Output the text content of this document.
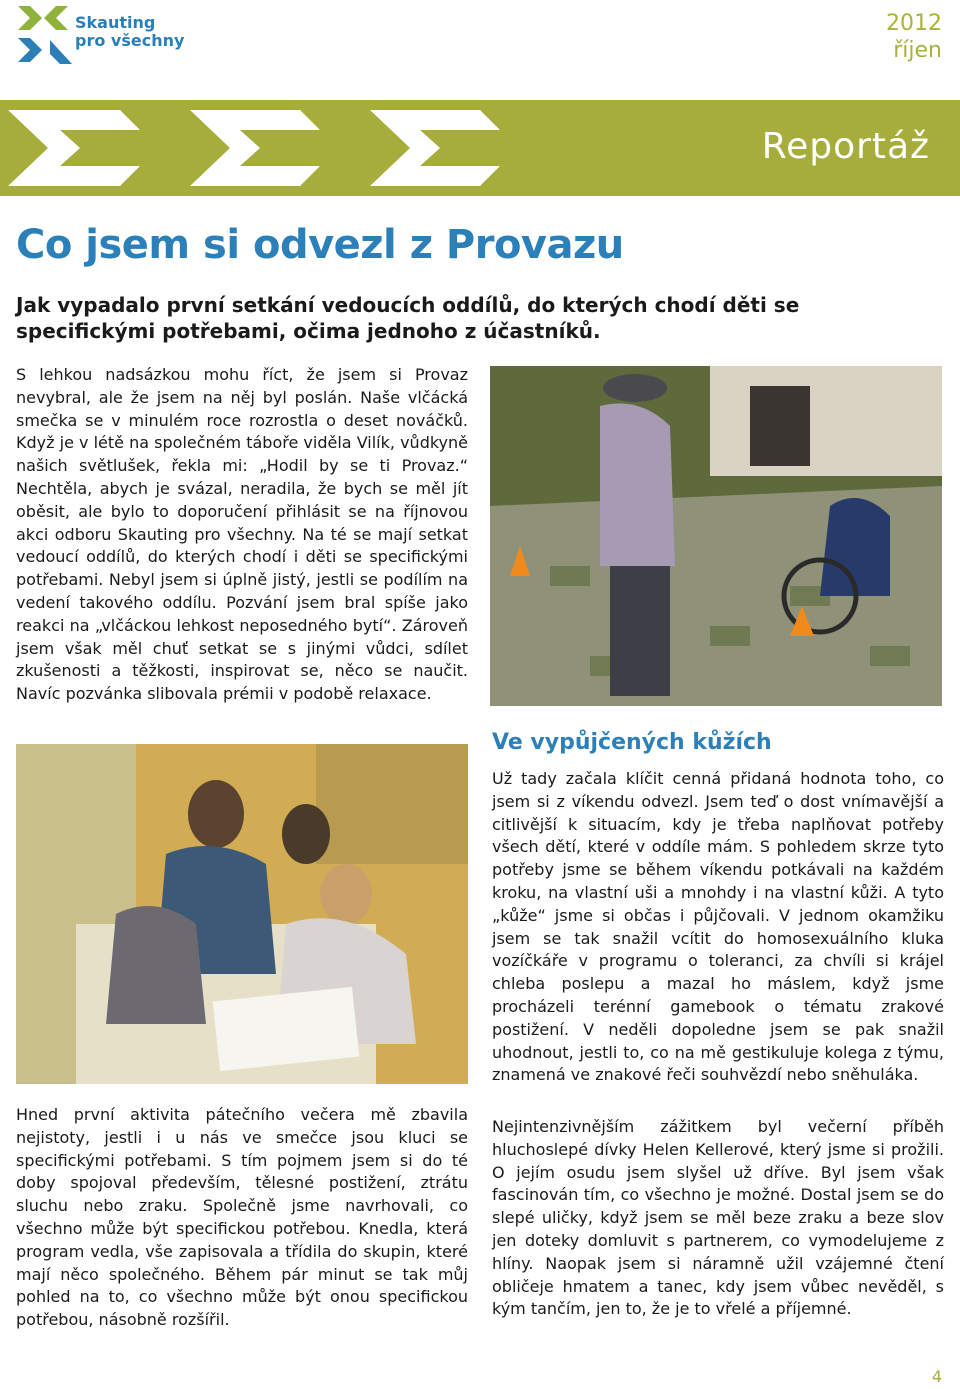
Skauting
pro všechny
2012
říjen
Reportáž
Co jsem si odvezl z Provazu
Jak vypadalo první setkání vedoucích oddílů, do kterých chodí děti se specifickými potřebami, očima jednoho z účastníků.
S lehkou nadsázkou mohu říct, že jsem si Provaz nevybral, ale že jsem na něj byl poslán. Naše vlčácká smečka se v minulém roce rozrostla o deset nováčků. Když je v létě na společném táboře viděla Vilík, vůdkyně našich světlušek, řekla mi: „Hodil by se ti Provaz.“ Nechtěla, abych je svázal, neradila, že bych se měl jít oběsit, ale bylo to doporučení přihlásit se na říjnovou akci odboru Skauting pro všechny. Na té se mají setkat vedoucí oddílů, do kterých chodí i děti se specifickými potřebami. Nebyl jsem si úplně jistý, jestli se podílím na vedení takového oddílu. Pozvání jsem bral spíše jako reakci na „vlčáckou lehkost neposedného bytí“. Zároveň jsem však měl chuť setkat se s jinými vůdci, sdílet zkušenosti a těžkosti, inspirovat se, něco se naučit. Navíc pozvánka slibovala prémii v podobě relaxace.
Hned první aktivita pátečního večera mě zbavila nejistoty, jestli i u nás ve smečce jsou kluci se specifickými potřebami. S tím pojmem jsem si do té doby spojoval především, tělesné postižení, ztrátu sluchu nebo zraku. Společně jsme navrhovali, co všechno může být specifickou potřebou. Knedla, která program vedla, vše zapisovala a třídila do skupin, které mají něco společného. Během pár minut se tak můj pohled na to, co všechno může být onou specifickou potřebou, násobně rozšířil.
Ve vypůjčených kůžích
Už tady začala klíčit cenná přidaná hodnota toho, co jsem si z víkendu odvezl. Jsem teď o dost vnímavější a citlivější k situacím, kdy je třeba naplňovat potřeby všech dětí, které v oddíle mám. S pohledem skrze tyto potřeby jsme se během víkendu potkávali na každém kroku, na vlastní uši a mnohdy i na vlastní kůži. A tyto „kůže“ jsme si občas i půjčovali. V jednom okamžiku jsem se tak snažil vcítit do homosexuálního kluka vozíčkáře v programu o toleranci, za chvíli si krájel chleba poslepu a mazal ho máslem, když jsme procházeli terénní gamebook o tématu zrakové postižení. V neděli dopoledne jsem se pak snažil uhodnout, jestli to, co na mě gestikuluje kolega z týmu, znamená ve znakové řeči souhvězdí nebo sněhuláka.
Nejintenzivnějším zážitkem byl večerní příběh hluchoslepé dívky Helen Kellerové, který jsme si prožili. O jejím osudu jsem slyšel už dříve. Byl jsem však fascinován tím, co všechno je možné. Dostal jsem se do slepé uličky, když jsem se měl beze zraku a beze slov jen doteky domluvit s partnerem, co vymodelujeme z hlíny. Naopak jsem si náramně užil vzájemné čtení obličeje hmatem a tanec, kdy jsem vůbec nevěděl, s kým tančím, jen to, že je to vřelé a příjemné.
4
